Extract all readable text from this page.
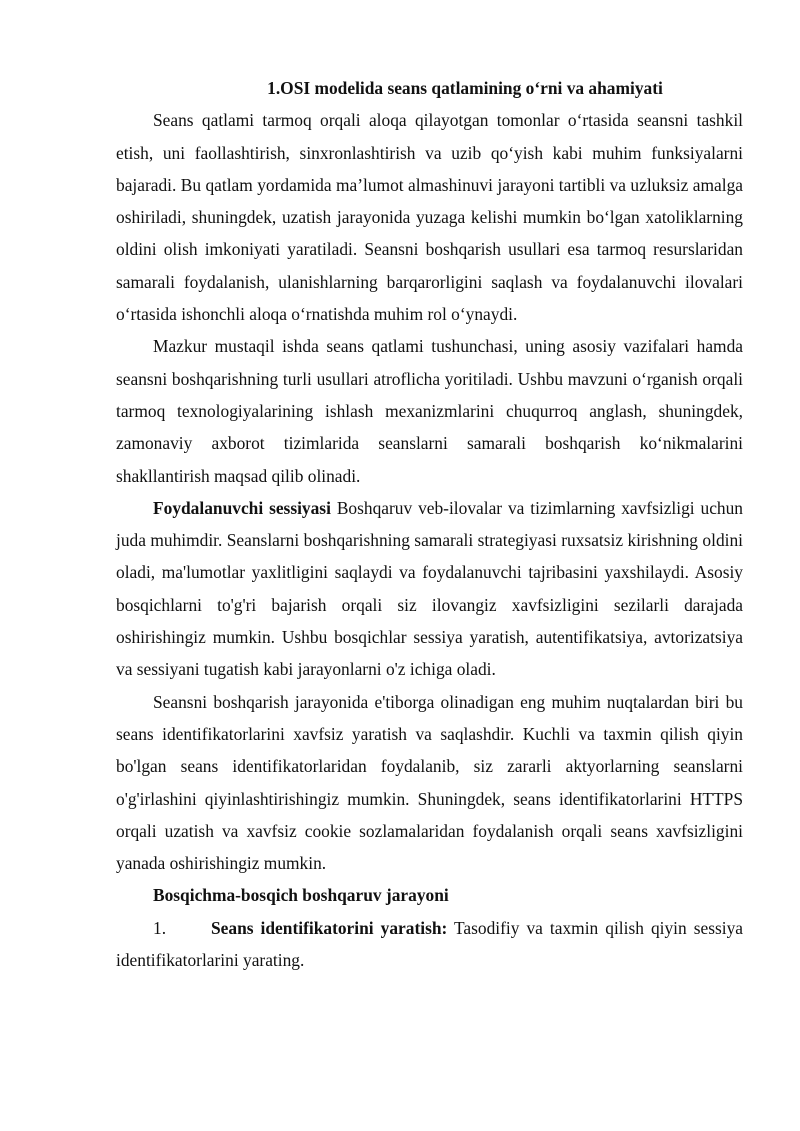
1.OSI modelida seans qatlamining o‘rni va ahamiyati

Seans qatlami tarmoq orqali aloqa qilayotgan tomonlar o‘rtasida seansni tashkil etish, uni faollashtirish, sinxronlashtirish va uzib qo‘yish kabi muhim funksiyalarni bajaradi. Bu qatlam yordamida ma’lumot almashinuvi jarayoni tartibli va uzluksiz amalga oshiriladi, shuningdek, uzatish jarayonida yuzaga kelishi mumkin bo‘lgan xatoliklarning oldini olish imkoniyati yaratiladi. Seansni boshqarish usullari esa tarmoq resurslaridan samarali foydalanish, ulanishlarning barqarorligini saqlash va foydalanuvchi ilovalari o‘rtasida ishonchli aloqa o‘rnatishda muhim rol o‘ynaydi.

Mazkur mustaqil ishda seans qatlami tushunchasi, uning asosiy vazifalari hamda seansni boshqarishning turli usullari atroflicha yoritiladi. Ushbu mavzuni o‘rganish orqali tarmoq texnologiyalarining ishlash mexanizmlarini chuqurroq anglash, shuningdek, zamonaviy axborot tizimlarida seanslarni samarali boshqarish ko‘nikmalarini shakllantirish maqsad qilib olinadi.

Foydalanuvchi sessiyasi Boshqaruv veb-ilovalar va tizimlarning xavfsizligi uchun juda muhimdir. Seanslarni boshqarishning samarali strategiyasi ruxsatsiz kirishning oldini oladi, ma'lumotlar yaxlitligini saqlaydi va foydalanuvchi tajribasini yaxshilaydi. Asosiy bosqichlarni to'g'ri bajarish orqali siz ilovangiz xavfsizligini sezilarli darajada oshirishingiz mumkin. Ushbu bosqichlar sessiya yaratish, autentifikatsiya, avtorizatsiya va sessiyani tugatish kabi jarayonlarni o'z ichiga oladi.

Seansni boshqarish jarayonida e'tiborga olinadigan eng muhim nuqtalardan biri bu seans identifikatorlarini xavfsiz yaratish va saqlashdir. Kuchli va taxmin qilish qiyin bo'lgan seans identifikatorlaridan foydalanib, siz zararli aktyorlarning seanslarni o'g'irlashini qiyinlashtirishingiz mumkin. Shuningdek, seans identifikatorlarini HTTPS orqali uzatish va xavfsiz cookie sozlamalaridan foydalanish orqali seans xavfsizligini yanada oshirishingiz mumkin.

Bosqichma-bosqich boshqaruv jarayoni

1.	Seans identifikatorini yaratish: Tasodifiy va taxmin qilish qiyin sessiya identifikatorlarini yarating.
